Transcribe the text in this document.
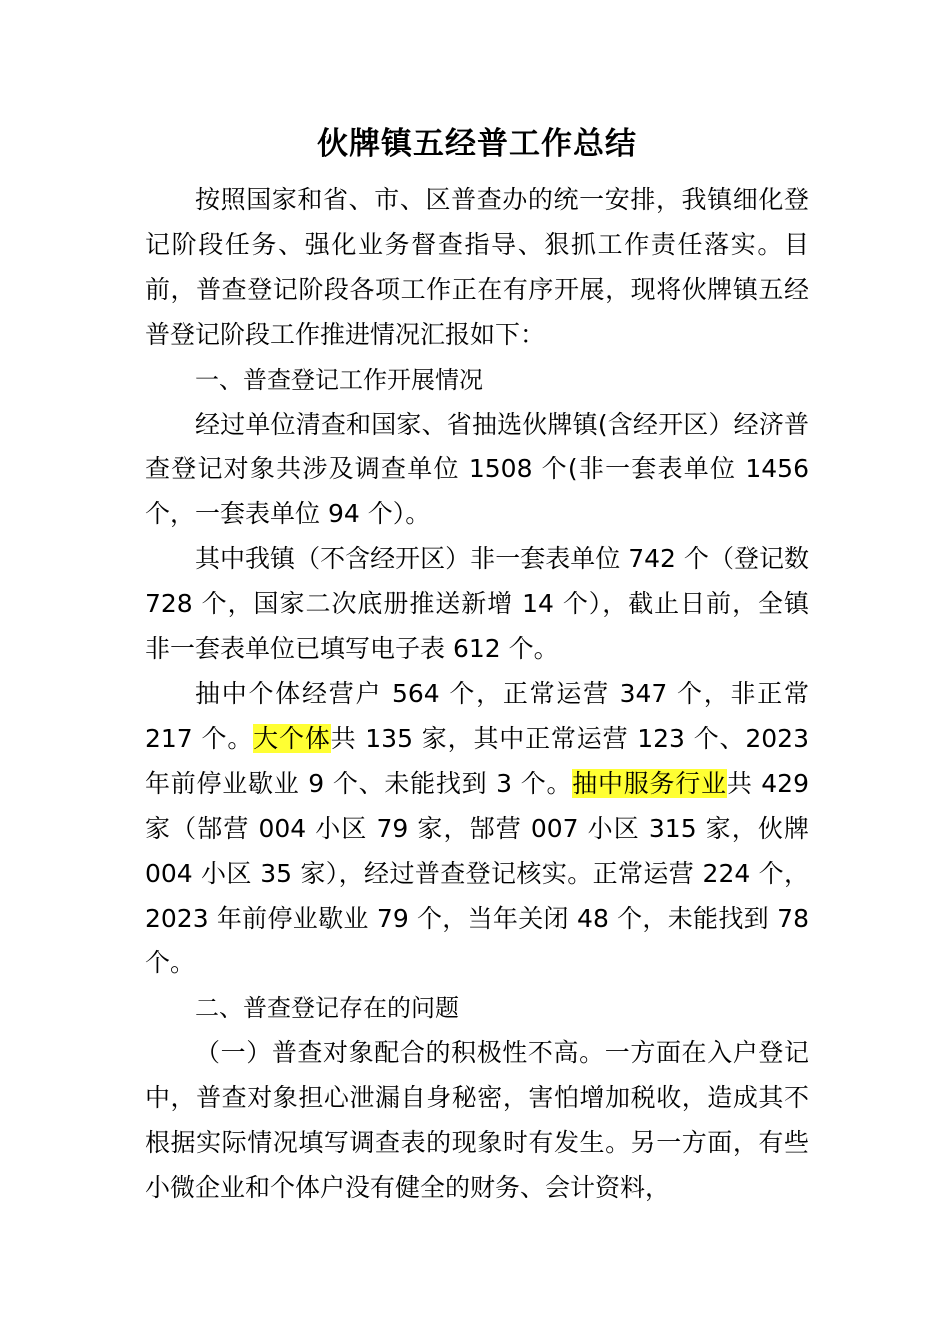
伙牌镇五经普工作总结

按照国家和省、市、区普查办的统一安排，我镇细化登记阶段任务、强化业务督查指导、狠抓工作责任落实。目前，普查登记阶段各项工作正在有序开展，现将伙牌镇五经普登记阶段工作推进情况汇报如下：

一、普查登记工作开展情况

经过单位清查和国家、省抽选伙牌镇(含经开区）经济普查登记对象共涉及调查单位 1508 个(非一套表单位 1456 个，一套表单位 94 个）。

其中我镇（不含经开区）非一套表单位 742 个（登记数 728 个，国家二次底册推送新增 14 个），截止日前，全镇非一套表单位已填写电子表 612 个。

抽中个体经营户 564 个，正常运营 347 个，非正常 217 个。大个体共 135 家，其中正常运营 123 个、2023 年前停业歇业 9 个、未能找到 3 个。抽中服务行业共 429 家（郜营 004 小区 79 家，郜营 007 小区 315 家，伙牌 004 小区 35 家），经过普查登记核实。正常运营 224 个，2023 年前停业歇业 79 个，当年关闭 48 个，未能找到 78 个。

二、普查登记存在的问题

（一）普查对象配合的积极性不高。一方面在入户登记中，普查对象担心泄漏自身秘密，害怕增加税收，造成其不根据实际情况填写调查表的现象时有发生。另一方面，有些小微企业和个体户没有健全的财务、会计资料，
